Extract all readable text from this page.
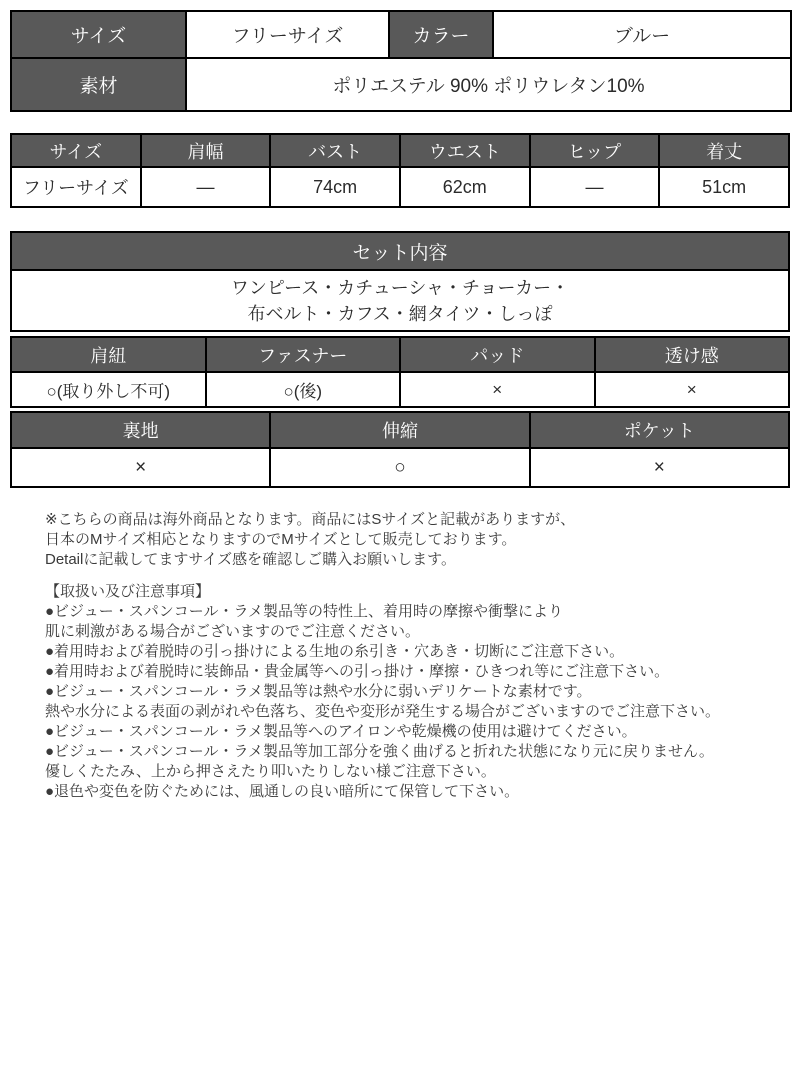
サイズ	フリーサイズ	カラー	ブルー
素材	ポリエステル 90% ポリウレタン10%		
サイズ	肩幅	バスト	ウエスト	ヒップ	着丈
フリーサイズ	―	74cm	62cm	―	51cm
セット内容
ワンピース・カチューシャ・チョーカー・
布ベルト・カフス・網タイツ・しっぽ
肩紐	ファスナー	パッド	透け感
○(取り外し不可)	○(後)	×	×
裏地	伸縮	ポケット
×	○	×
※こちらの商品は海外商品となります。商品にはSサイズと記載がありますが、
日本のMサイズ相応となりますのでMサイズとして販売しております。
Detailに記載してますサイズ感を確認しご購入お願いします。
【取扱い及び注意事項】
●ビジュー・スパンコール・ラメ製品等の特性上、着用時の摩擦や衝撃により
肌に刺激がある場合がございますのでご注意ください。
●着用時および着脱時の引っ掛けによる生地の糸引き・穴あき・切断にご注意下さい。
●着用時および着脱時に装飾品・貴金属等への引っ掛け・摩擦・ひきつれ等にご注意下さい。
●ビジュー・スパンコール・ラメ製品等は熱や水分に弱いデリケートな素材です。
熱や水分による表面の剥がれや色落ち、変色や変形が発生する場合がございますのでご注意下さい。
●ビジュー・スパンコール・ラメ製品等へのアイロンや乾燥機の使用は避けてください。
●ビジュー・スパンコール・ラメ製品等加工部分を強く曲げると折れた状態になり元に戻りません。
優しくたたみ、上から押さえたり叩いたりしない様ご注意下さい。
●退色や変色を防ぐためには、風通しの良い暗所にて保管して下さい。
